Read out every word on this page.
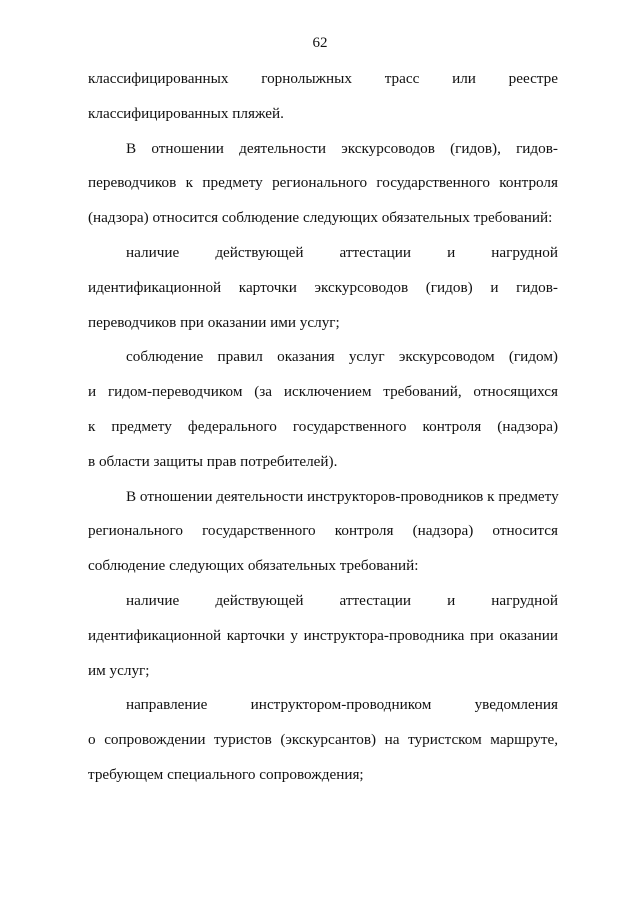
62
классифицированных горнолыжных трасс или реестре
классифицированных пляжей.
В отношении деятельности экскурсоводов (гидов), гидов-
переводчиков к предмету регионального государственного контроля
(надзора) относится соблюдение следующих обязательных требований:
наличие действующей аттестации и нагрудной
идентификационной карточки экскурсоводов (гидов) и гидов-
переводчиков при оказании ими услуг;
соблюдение правил оказания услуг экскурсоводом (гидом)
и гидом-переводчиком (за исключением требований, относящихся
к предмету федерального государственного контроля (надзора)
в области защиты прав потребителей).
В отношении деятельности инструкторов-проводников к предмету
регионального государственного контроля (надзора) относится
соблюдение следующих обязательных требований:
наличие действующей аттестации и нагрудной
идентификационной карточки у инструктора-проводника при оказании
им услуг;
направление инструктором-проводником уведомления
о сопровождении туристов (экскурсантов) на туристском маршруте,
требующем специального сопровождения;
